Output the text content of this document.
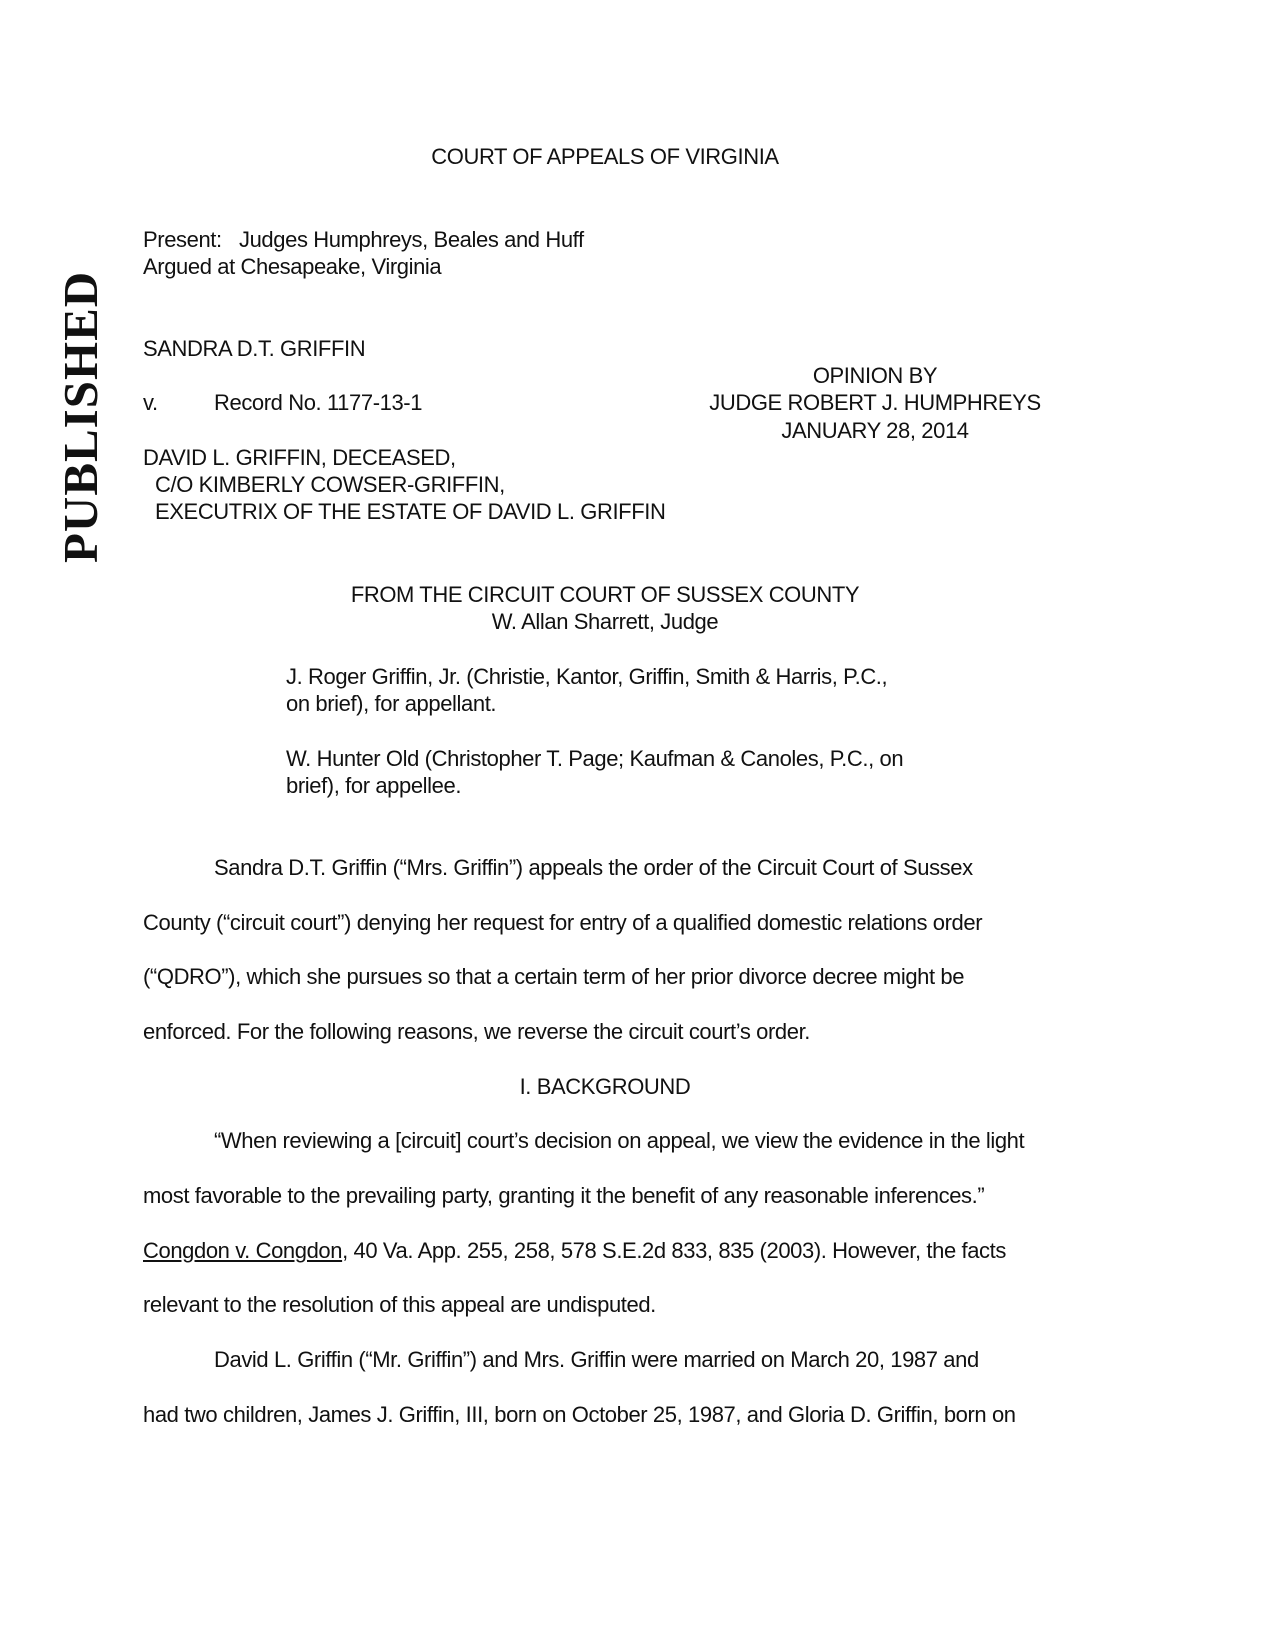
PUBLISHED
COURT OF APPEALS OF VIRGINIA
Present: Judges Humphreys, Beales and Huff
Argued at Chesapeake, Virginia
SANDRA D.T. GRIFFIN
OPINION BY
v.	Record No. 1177-13-1	JUDGE ROBERT J. HUMPHREYS
JANUARY 28, 2014
DAVID L. GRIFFIN, DECEASED,
C/O KIMBERLY COWSER-GRIFFIN,
EXECUTRIX OF THE ESTATE OF DAVID L. GRIFFIN
FROM THE CIRCUIT COURT OF SUSSEX COUNTY
W. Allan Sharrett, Judge
J. Roger Griffin, Jr. (Christie, Kantor, Griffin, Smith & Harris, P.C.,
on brief), for appellant.
W. Hunter Old (Christopher T. Page; Kaufman & Canoles, P.C., on
brief), for appellee.
Sandra D.T. Griffin (“Mrs. Griffin”) appeals the order of the Circuit Court of Sussex
County (“circuit court”) denying her request for entry of a qualified domestic relations order
(“QDRO”), which she pursues so that a certain term of her prior divorce decree might be
enforced. For the following reasons, we reverse the circuit court’s order.
I. BACKGROUND
“When reviewing a [circuit] court’s decision on appeal, we view the evidence in the light
most favorable to the prevailing party, granting it the benefit of any reasonable inferences.”
Congdon v. Congdon, 40 Va. App. 255, 258, 578 S.E.2d 833, 835 (2003). However, the facts
relevant to the resolution of this appeal are undisputed.
David L. Griffin (“Mr. Griffin”) and Mrs. Griffin were married on March 20, 1987 and
had two children, James J. Griffin, III, born on October 25, 1987, and Gloria D. Griffin, born on
